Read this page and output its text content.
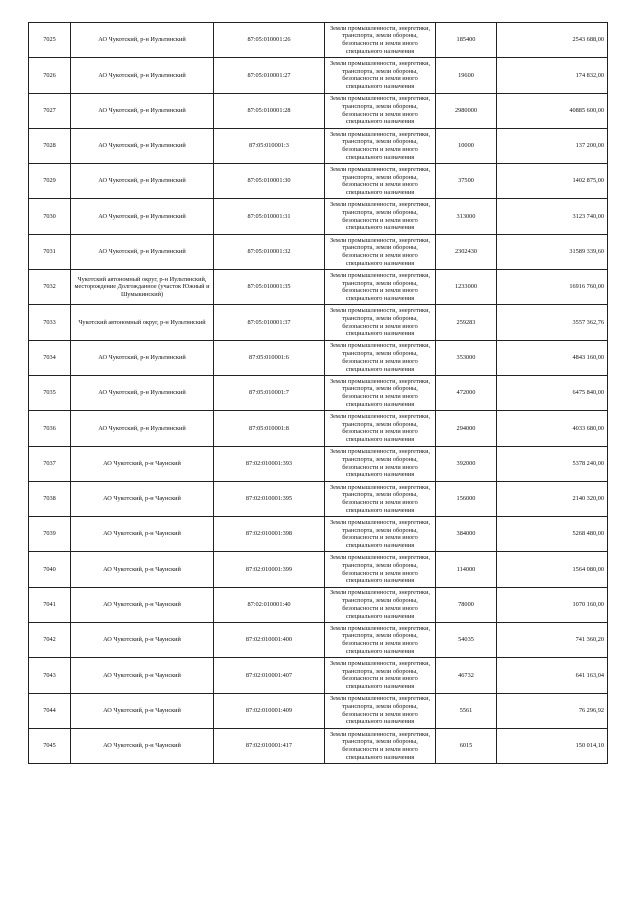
7025	АО Чукотский, р-н Иультинский	87:05:010001:26	Земли промышленности, энергетики, транспорта, земли обороны, безопасности и земли иного специального назначения	185400	2543 688,00
7026	АО Чукотский, р-н Иультинский	87:05:010001:27	Земли промышленности, энергетики, транспорта, земли обороны, безопасности и земли иного специального назначения	19600	174 832,00
7027	АО Чукотский, р-н Иультинский	87:05:010001:28	Земли промышленности, энергетики, транспорта, земли обороны, безопасности и земли иного специального назначения	2980000	40885 600,00
7028	АО Чукотский, р-н Иультинский	87:05:010001:3	Земли промышленности, энергетики, транспорта, земли обороны, безопасности и земли иного специального назначения	10000	137 200,00
7029	АО Чукотский, р-н Иультинский	87:05:010001:30	Земли промышленности, энергетики, транспорта, земли обороны, безопасности и земли иного специального назначения	37500	1402 875,00
7030	АО Чукотский, р-н Иультинский	87:05:010001:31	Земли промышленности, энергетики, транспорта, земли обороны, безопасности и земли иного специального назначения	313000	3123 740,00
7031	АО Чукотский, р-н Иультинский	87:05:010001:32	Земли промышленности, энергетики, транспорта, земли обороны, безопасности и земли иного специального назначения	2302430	31589 339,60
7032	Чукотский автономный округ, р-н Иультинский, месторождение Долгожданное (участок Южный и Шумыкинский)	87:05:010001:35	Земли промышленности, энергетики, транспорта, земли обороны, безопасности и земли иного специального назначения	1233000	16916 760,00
7033	Чукотский автономный округ, р-н Иультинский	87:05:010001:37	Земли промышленности, энергетики, транспорта, земли обороны, безопасности и земли иного специального назначения	259283	3557 362,76
7034	АО Чукотский, р-н Иультинский	87:05:010001:6	Земли промышленности, энергетики, транспорта, земли обороны, безопасности и земли иного специального назначения	353000	4843 160,00
7035	АО Чукотский, р-н Иультинский	87:05:010001:7	Земли промышленности, энергетики, транспорта, земли обороны, безопасности и земли иного специального назначения	472000	6475 840,00
7036	АО Чукотский, р-н Иультинский	87:05:010001:8	Земли промышленности, энергетики, транспорта, земли обороны, безопасности и земли иного специального назначения	294000	4033 680,00
7037	АО Чукотский, р-н Чаунский	87:02:010001:393	Земли промышленности, энергетики, транспорта, земли обороны, безопасности и земли иного специального назначения	392000	5378 240,00
7038	АО Чукотский, р-н Чаунский	87:02:010001:395	Земли промышленности, энергетики, транспорта, земли обороны, безопасности и земли иного специального назначения	156000	2140 320,00
7039	АО Чукотский, р-н Чаунский	87:02:010001:398	Земли промышленности, энергетики, транспорта, земли обороны, безопасности и земли иного специального назначения	384000	5268 480,00
7040	АО Чукотский, р-н Чаунский	87:02:010001:399	Земли промышленности, энергетики, транспорта, земли обороны, безопасности и земли иного специального назначения	114000	1564 080,00
7041	АО Чукотский, р-н Чаунский	87:02:010001:40	Земли промышленности, энергетики, транспорта, земли обороны, безопасности и земли иного специального назначения	78000	1070 160,00
7042	АО Чукотский, р-н Чаунский	87:02:010001:400	Земли промышленности, энергетики, транспорта, земли обороны, безопасности и земли иного специального назначения	54035	741 360,20
7043	АО Чукотский, р-н Чаунский	87:02:010001:407	Земли промышленности, энергетики, транспорта, земли обороны, безопасности и земли иного специального назначения	46732	641 163,04
7044	АО Чукотский, р-н Чаунский	87:02:010001:409	Земли промышленности, энергетики, транспорта, земли обороны, безопасности и земли иного специального назначения	5561	76 296,92
7045	АО Чукотский, р-н Чаунский	87:02:010001:417	Земли промышленности, энергетики, транспорта, земли обороны, безопасности и земли иного специального назначения	6015	150 014,10
